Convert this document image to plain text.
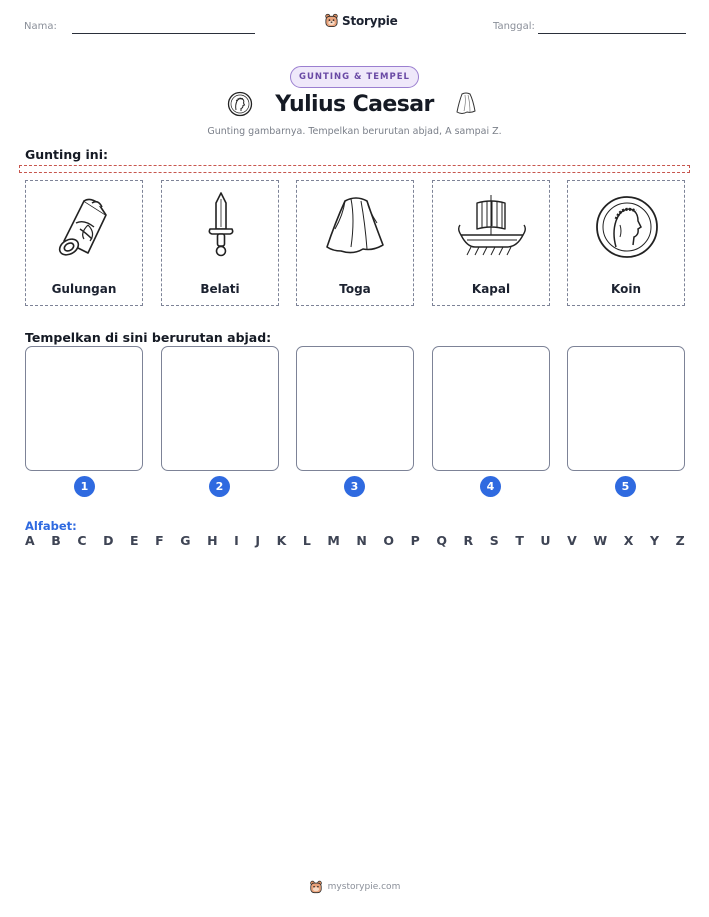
Nama:	Storypie	Tanggal:
GUNTING & TEMPEL
Yulius Caesar
Gunting gambarnya. Tempelkan berurutan abjad, A sampai Z.
Gunting ini:
Gulungan	Belati	Toga	Kapal	Koin
Tempelkan di sini berurutan abjad:
1	2	3	4	5
Alfabet:
A B C D E F G H I J K L M N O P Q R S T U V W X Y Z
mystorypie.com
